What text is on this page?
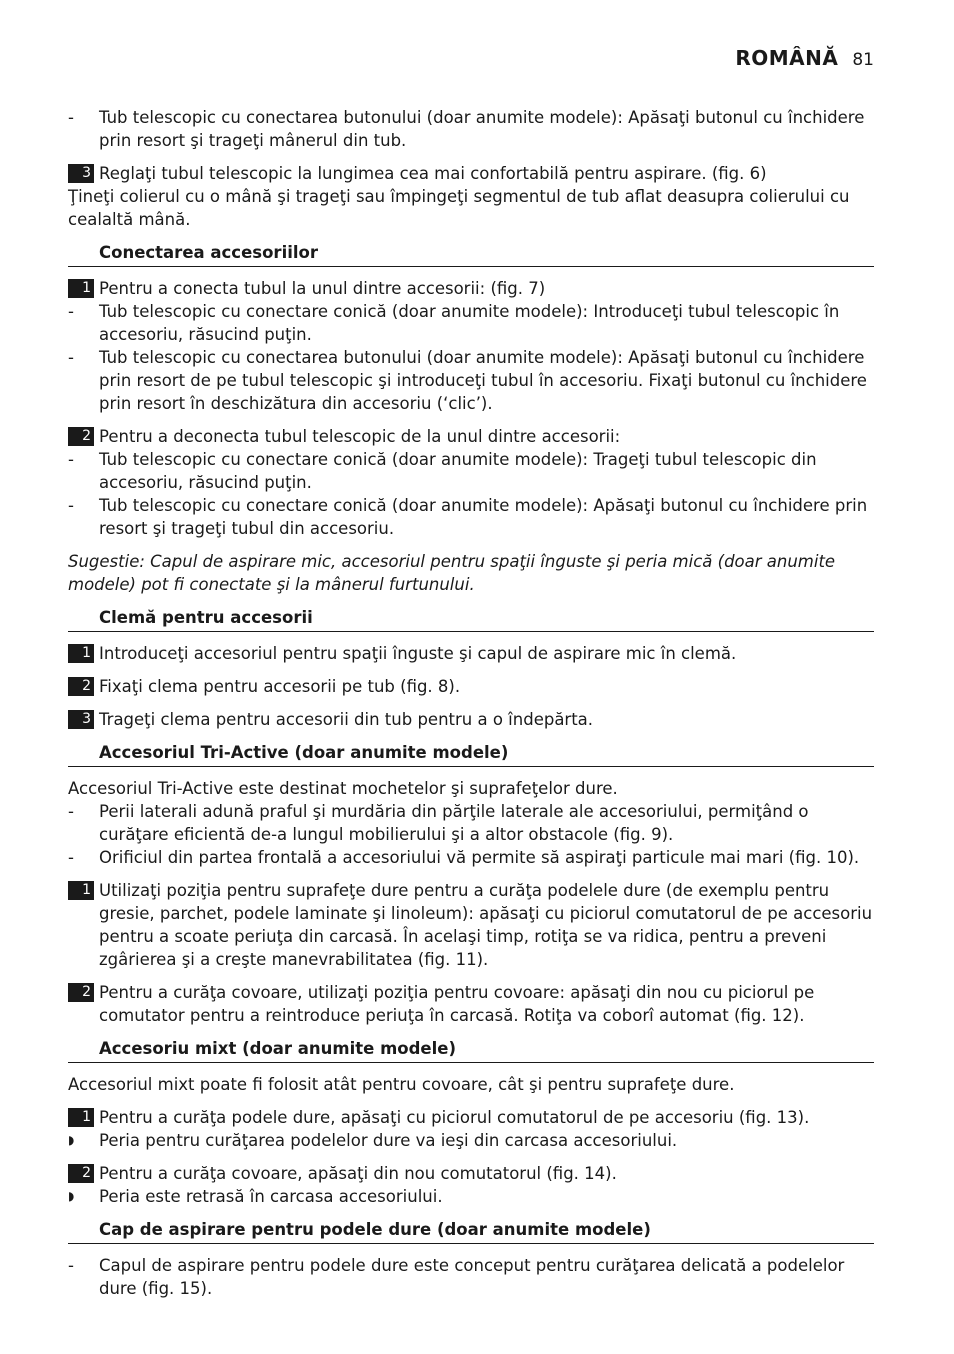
ROMÂNĂ 81
-	Tub telescopic cu conectarea butonului (doar anumite modele): Apăsaţi butonul cu închidere prin resort şi trageţi mânerul din tub.
3 Reglaţi tubul telescopic la lungimea cea mai confortabilă pentru aspirare. (fig. 6)
Ţineţi colierul cu o mână şi trageţi sau împingeţi segmentul de tub aflat deasupra colierului cu cealaltă mână.
Conectarea accesoriilor
1 Pentru a conecta tubul la unul dintre accesorii: (fig. 7)
-	Tub telescopic cu conectare conică (doar anumite modele): Introduceţi tubul telescopic în accesoriu, răsucind puţin.
-	Tub telescopic cu conectarea butonului (doar anumite modele): Apăsaţi butonul cu închidere prin resort de pe tubul telescopic şi introduceţi tubul în accesoriu. Fixaţi butonul cu închidere prin resort în deschizătura din accesoriu (‘clic’).
2 Pentru a deconecta tubul telescopic de la unul dintre accesorii:
-	Tub telescopic cu conectare conică (doar anumite modele): Trageţi tubul telescopic din accesoriu, răsucind puţin.
-	Tub telescopic cu conectare conică (doar anumite modele): Apăsaţi butonul cu închidere prin resort şi trageţi tubul din accesoriu.
Sugestie: Capul de aspirare mic, accesoriul pentru spaţii înguste şi peria mică (doar anumite modele) pot fi conectate şi la mânerul furtunului.
Clemă pentru accesorii
1 Introduceţi accesoriul pentru spaţii înguste şi capul de aspirare mic în clemă.
2 Fixaţi clema pentru accesorii pe tub (fig. 8).
3 Trageţi clema pentru accesorii din tub pentru a o îndepărta.
Accesoriul Tri-Active (doar anumite modele)
Accesoriul Tri-Active este destinat mochetelor şi suprafeţelor dure.
-	Perii laterali adună praful şi murdăria din părţile laterale ale accesoriului, permiţând o curăţare eficientă de-a lungul mobilierului şi a altor obstacole (fig. 9).
-	Orificiul din partea frontală a accesoriului vă permite să aspiraţi particule mai mari (fig. 10).
1 Utilizaţi poziţia pentru suprafeţe dure pentru a curăţa podelele dure (de exemplu pentru gresie, parchet, podele laminate şi linoleum): apăsaţi cu piciorul comutatorul de pe accesoriu pentru a scoate periuţa din carcasă. În acelaşi timp, rotiţa se va ridica, pentru a preveni zgârierea şi a creşte manevrabilitatea (fig. 11).
2 Pentru a curăţa covoare, utilizaţi poziţia pentru covoare: apăsaţi din nou cu piciorul pe comutator pentru a reintroduce periuţa în carcasă. Rotiţa va coborî automat (fig. 12).
Accesoriu mixt (doar anumite modele)
Accesoriul mixt poate fi folosit atât pentru covoare, cât şi pentru suprafeţe dure.
1 Pentru a curăţa podele dure, apăsaţi cu piciorul comutatorul de pe accesoriu (fig. 13).
◗	Peria pentru curăţarea podelelor dure va ieşi din carcasa accesoriului.
2 Pentru a curăţa covoare, apăsaţi din nou comutatorul (fig. 14).
◗	Peria este retrasă în carcasa accesoriului.
Cap de aspirare pentru podele dure (doar anumite modele)
-	Capul de aspirare pentru podele dure este conceput pentru curăţarea delicată a podelelor dure (fig. 15).
